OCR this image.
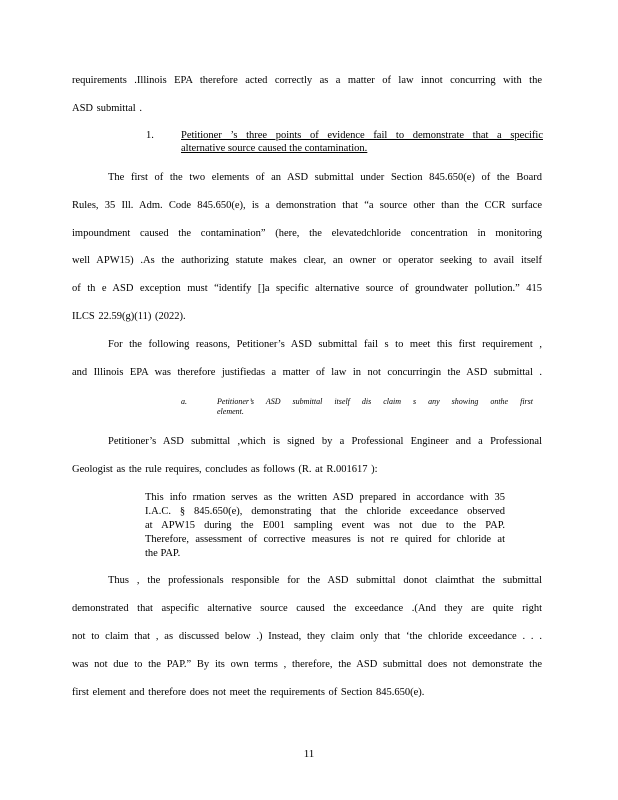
requirements .Illinois EPA therefore acted correctly as a matter of law innot concurring with the
ASD submittal .
1.	Petitioner ’s three points of evidence fail to demonstrate that a specific
alternative source caused the contamination.
The first of the two elements of an ASD submittal under Section 845.650(e) of the Board
Rules, 35 Ill. Adm. Code 845.650(e), is a demonstration that “a source other than the CCR surface
impoundment caused the contamination” (here, the elevatedchloride concentration in monitoring
well APW15) .As the authorizing statute makes clear, an owner or operator seeking to avail itself
of th e ASD exception must “identify []a specific alternative source of groundwater pollution.” 415
ILCS 22.59(g)(11) (2022).
For the following reasons, Petitioner’s ASD submittal fail s to meet this first requirement ,
and Illinois EPA was therefore justifiedas a matter of law in not concurringin the ASD submittal .
a.	Petitioner’s ASD submittal itself dis claim s any showing onthe first
element.
Petitioner’s ASD submittal ,which is signed by a Professional Engineer and a Professional
Geologist as the rule requires, concludes as follows (R. at R.001617 ):
This info rmation serves as the written ASD prepared in accordance with 35
I.A.C. § 845.650(e), demonstrating that the chloride exceedance observed
at APW15 during the E001 sampling event was not due to the PAP.
Therefore, assessment of corrective measures is not re quired for chloride at
the PAP.
Thus , the professionals responsible for the ASD submittal donot claimthat the submittal
demonstrated that aspecific alternative source caused the exceedance .(And they are quite right
not to claim that , as discussed below .) Instead, they claim only that ‘the chloride exceedance . . .
was not due to the PAP.” By its own terms , therefore, the ASD submittal does not demonstrate the
first element and therefore does not meet the requirements of Section 845.650(e).
11
